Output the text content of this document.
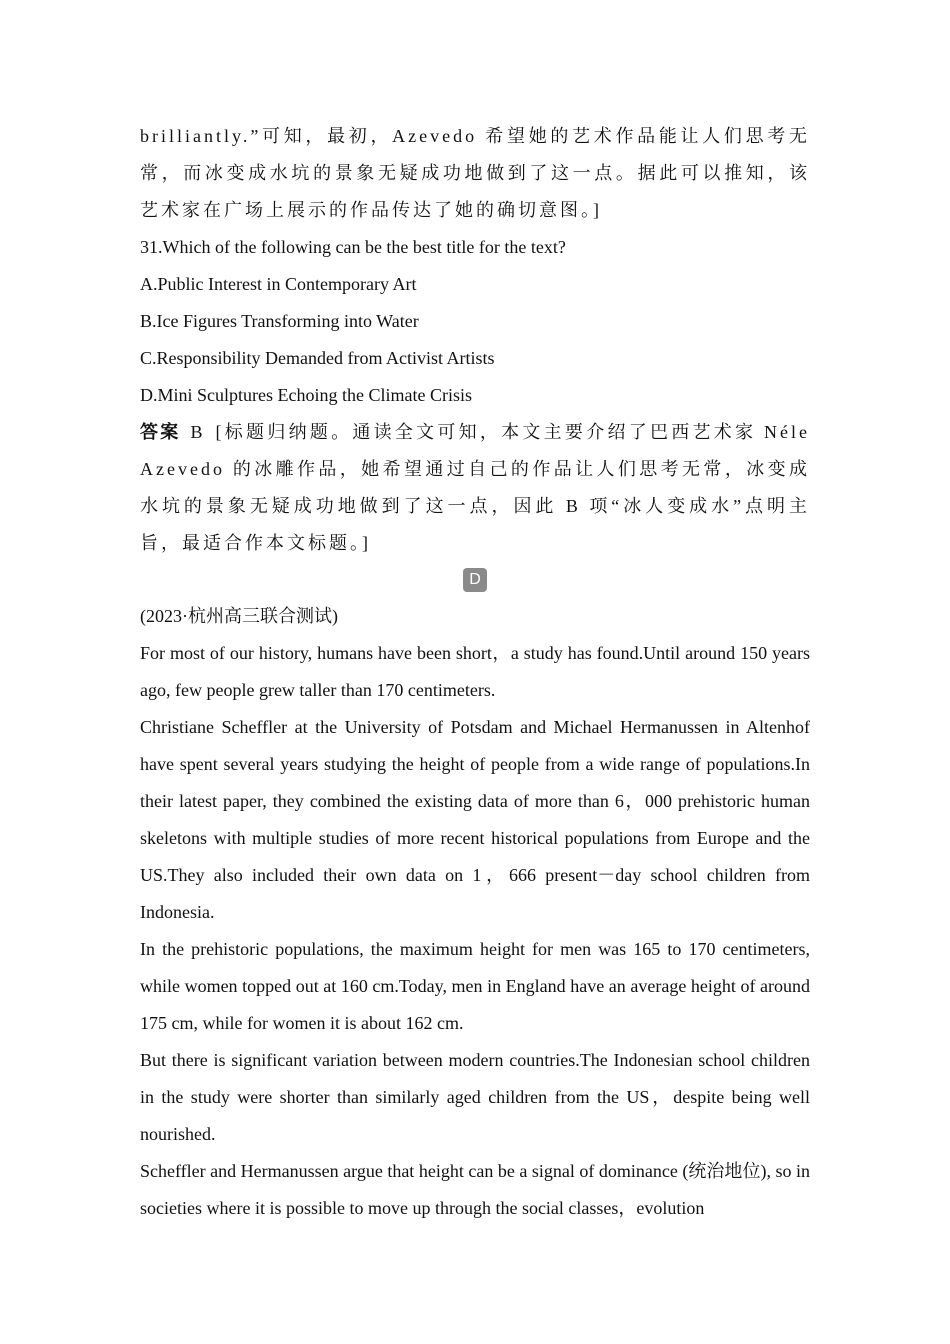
brilliantly.”可知，最初，Azevedo 希望她的艺术作品能让人们思考无常，而冰变成水坑的景象无疑成功地做到了这一点。据此可以推知，该艺术家在广场上展示的作品传达了她的确切意图。]

31.Which of the following can be the best title for the text?

A.Public Interest in Contemporary Art

B.Ice Figures Transforming into Water

C.Responsibility Demanded from Activist Artists

D.Mini Sculptures Echoing the Climate Crisis

答案 B [标题归纳题。通读全文可知，本文主要介绍了巴西艺术家 Néle Azevedo 的冰雕作品，她希望通过自己的作品让人们思考无常，冰变成水坑的景象无疑成功地做到了这一点，因此 B 项“冰人变成水”点明主旨，最适合作本文标题。]

D

(2023·杭州高三联合测试)

For most of our history, humans have been short，a study has found.Until around 150 years ago, few people grew taller than 170 centimeters.

Christiane Scheffler at the University of Potsdam and Michael Hermanussen in Altenhof have spent several years studying the height of people from a wide range of populations.In their latest paper, they combined the existing data of more than 6，000 prehistoric human skeletons with multiple studies of more recent historical populations from Europe and the US.They also included their own data on 1，666 present－day school children from Indonesia.

In the prehistoric populations, the maximum height for men was 165 to 170 centimeters, while women topped out at 160 cm.Today, men in England have an average height of around 175 cm, while for women it is about 162 cm.

But there is significant variation between modern countries.The Indonesian school children in the study were shorter than similarly aged children from the US，despite being well nourished.

Scheffler and Hermanussen argue that height can be a signal of dominance (统治地位), so in societies where it is possible to move up through the social classes，evolution
